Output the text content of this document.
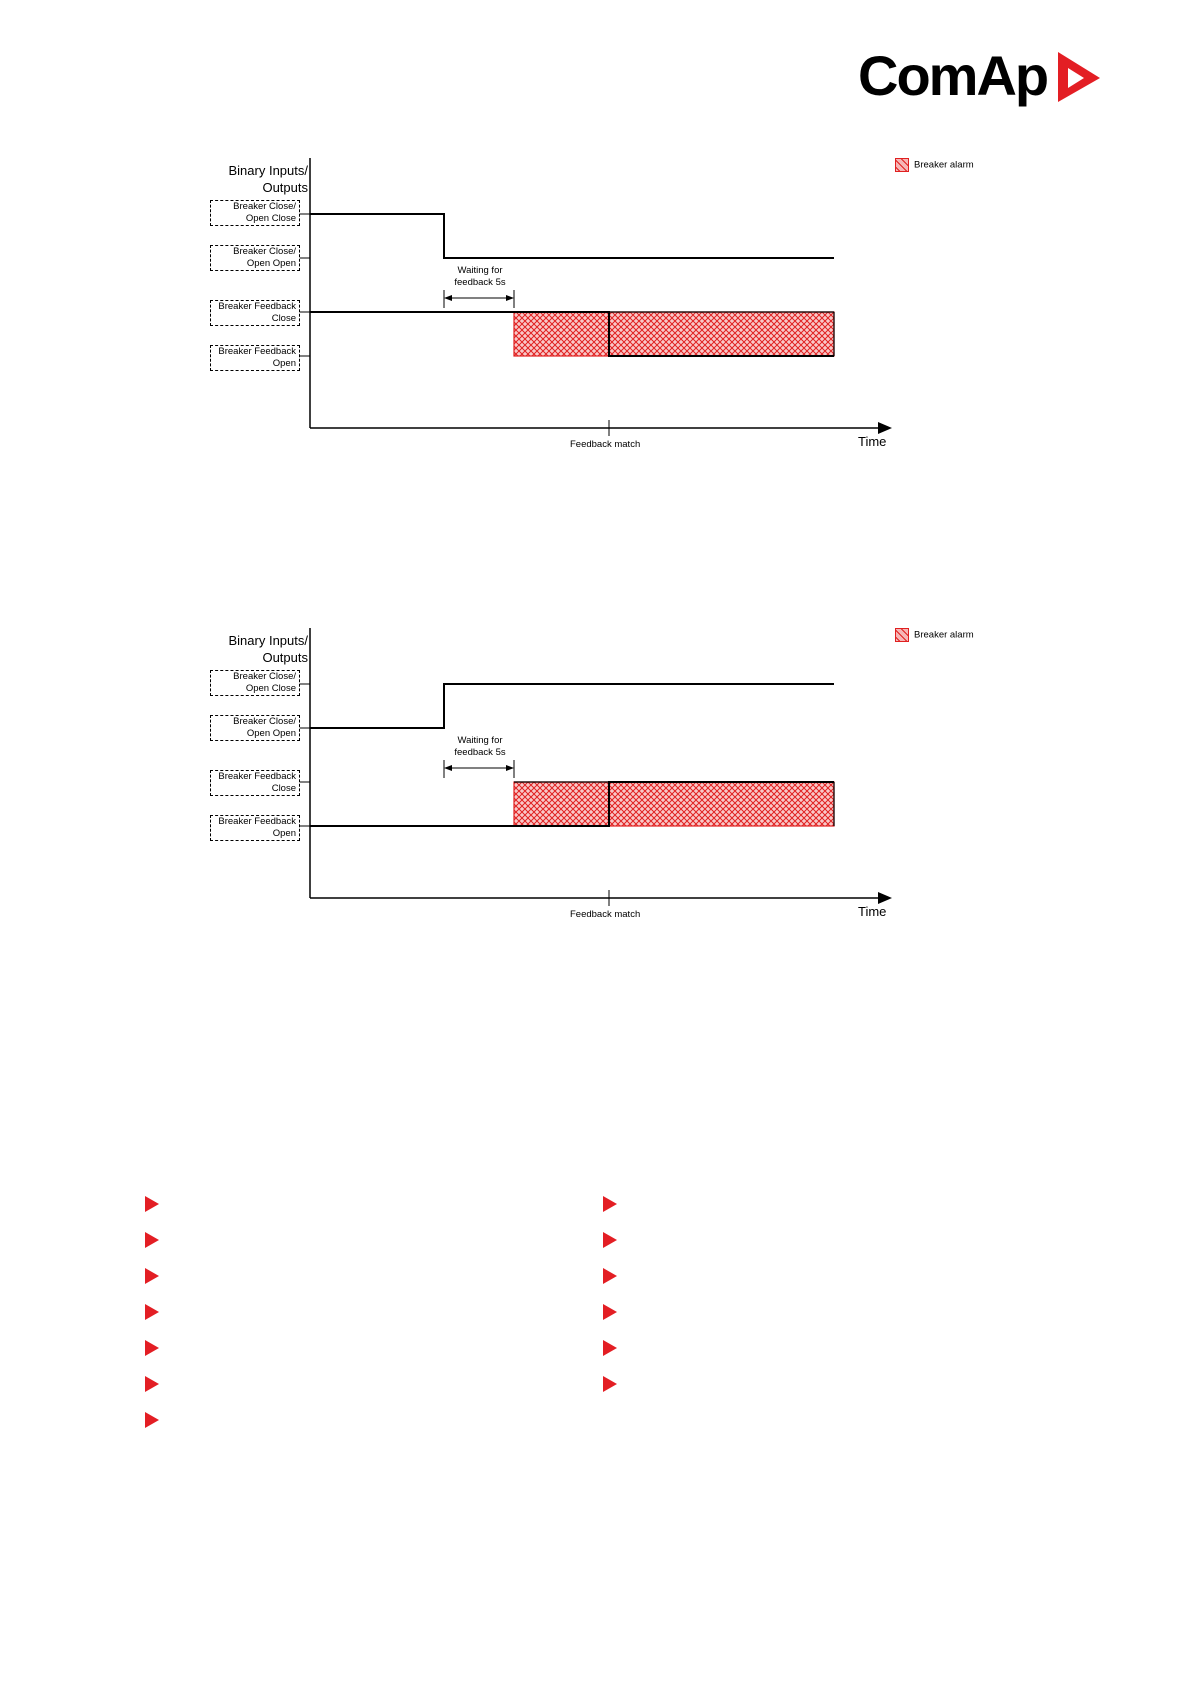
ComAp
Binary Inputs/
Outputs
Breaker Close/
Open Close
Breaker Close/
Open Open
Breaker Feedback
Close
Breaker Feedback
Open
Waiting for
feedback 5s
Feedback match	Time
Breaker alarm
Binary Inputs/
Outputs
Breaker Close/
Open Close
Breaker Close/
Open Open
Breaker Feedback
Close
Breaker Feedback
Open
Waiting for
feedback 5s
Feedback match	Time
Breaker alarm
